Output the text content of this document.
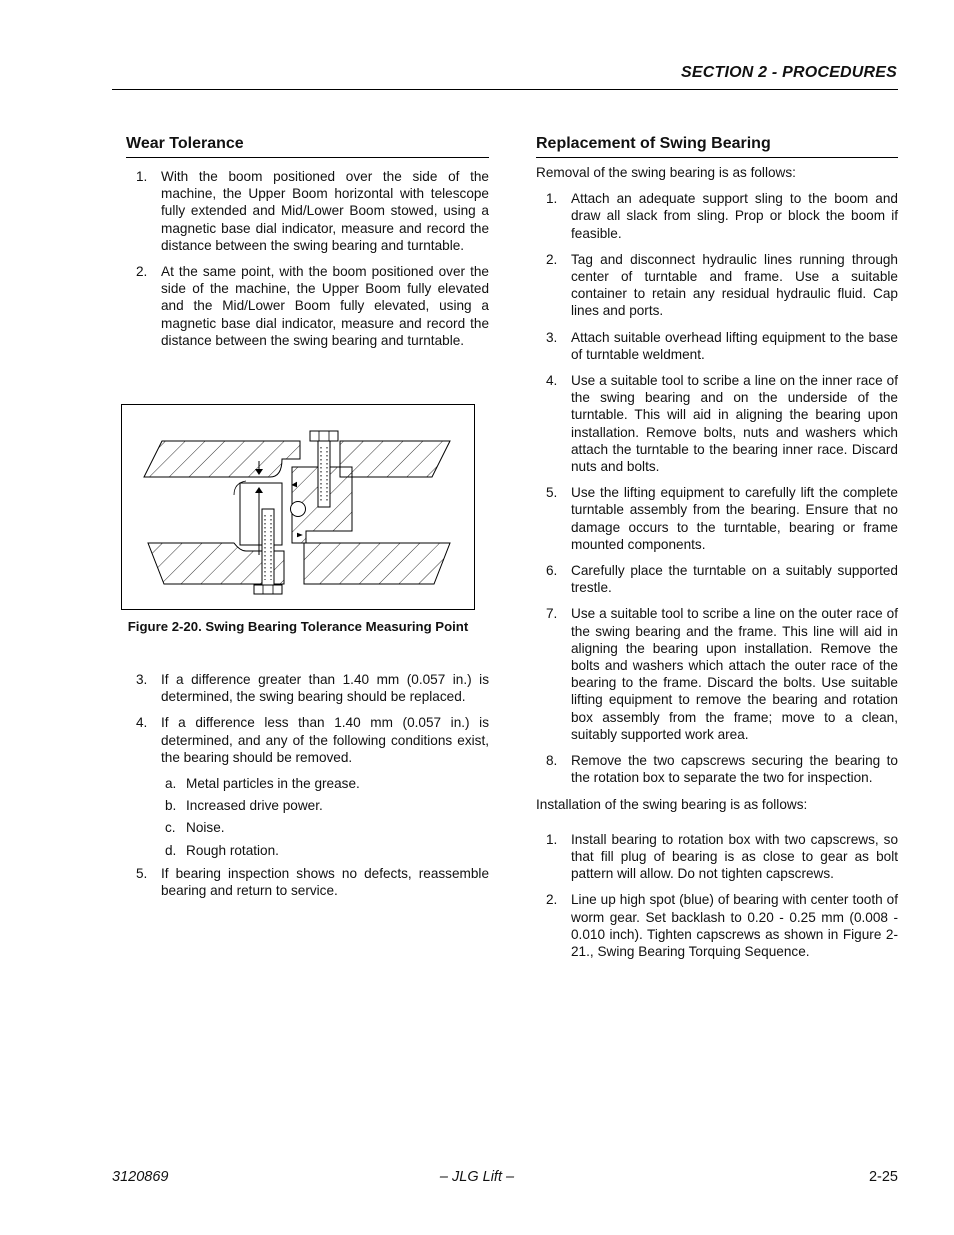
SECTION 2 - PROCEDURES
Wear Tolerance
1. With the boom positioned over the side of the machine, the Upper Boom horizontal with telescope fully extended and Mid/Lower Boom stowed, using a magnetic base dial indicator, measure and record the distance between the swing bearing and turntable.
2. At the same point, with the boom positioned over the side of the machine, the Upper Boom fully elevated and the Mid/Lower Boom fully elevated, using a magnetic base dial indicator, measure and record the distance between the swing bearing and turntable.
Figure 2-20. Swing Bearing Tolerance Measuring Point
3. If a difference greater than 1.40 mm (0.057 in.) is determined, the swing bearing should be replaced.
4. If a difference less than 1.40 mm (0.057 in.) is determined, and any of the following conditions exist, the bearing should be removed.
a. Metal particles in the grease.
b. Increased drive power.
c. Noise.
d. Rough rotation.
5. If bearing inspection shows no defects, reassemble bearing and return to service.
Replacement of Swing Bearing

Removal of the swing bearing is as follows:

1. Attach an adequate support sling to the boom and draw all slack from sling. Prop or block the boom if feasible.
2. Tag and disconnect hydraulic lines running through center of turntable and frame. Use a suitable container to retain any residual hydraulic fluid. Cap lines and ports.
3. Attach suitable overhead lifting equipment to the base of turntable weldment.
4. Use a suitable tool to scribe a line on the inner race of the swing bearing and on the underside of the turntable. This will aid in aligning the bearing upon installation. Remove bolts, nuts and washers which attach the turntable to the bearing inner race. Discard nuts and bolts.
5. Use the lifting equipment to carefully lift the complete turntable assembly from the bearing. Ensure that no damage occurs to the turntable, bearing or frame mounted components.
6. Carefully place the turntable on a suitably supported trestle.
7. Use a suitable tool to scribe a line on the outer race of the swing bearing and the frame. This line will aid in aligning the bearing upon installation. Remove the bolts and washers which attach the outer race of the bearing to the frame. Discard the bolts. Use suitable lifting equipment to remove the bearing and rotation box assembly from the frame; move to a clean, suitably supported work area.
8. Remove the two capscrews securing the bearing to the rotation box to separate the two for inspection.

Installation of the swing bearing is as follows:

1. Install bearing to rotation box with two capscrews, so that fill plug of bearing is as close to gear as bolt pattern will allow. Do not tighten capscrews.
2. Line up high spot (blue) of bearing with center tooth of worm gear. Set backlash to 0.20 - 0.25 mm (0.008 - 0.010 inch). Tighten capscrews as shown in Figure 2-21., Swing Bearing Torquing Sequence.
– JLG Lift –
3120869	2-25
